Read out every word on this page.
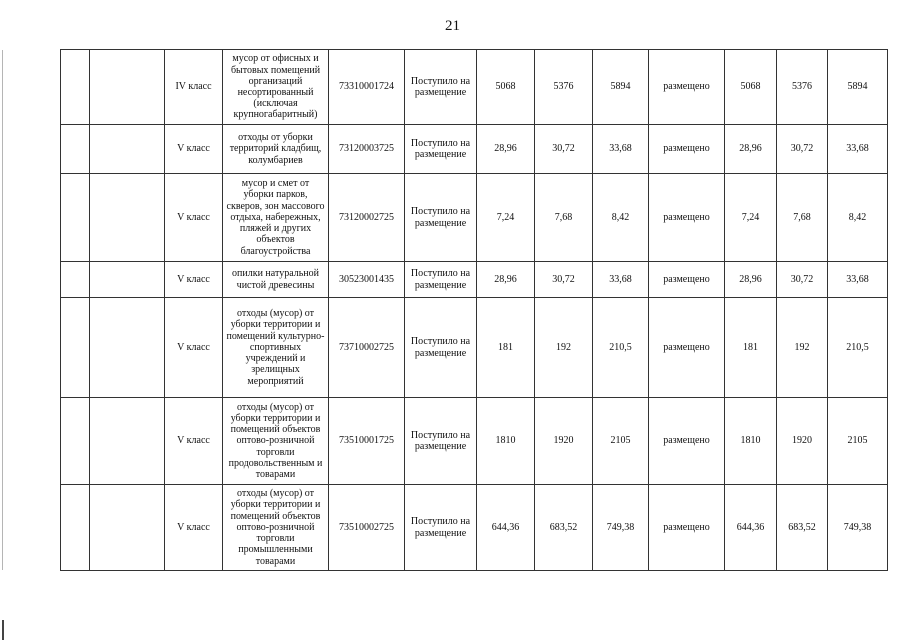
21
		IV класс	мусор от офисных и бытовых помещений организаций несортированный (исключая крупногабаритный)	73310001724	Поступило на размещение	5068	5376	5894	размещено	5068	5376	5894
		V класс	отходы от уборки территорий кладбищ, колумбариев	73120003725	Поступило на размещение	28,96	30,72	33,68	размещено	28,96	30,72	33,68
		V класс	мусор и смет от уборки парков, скверов, зон массового отдыха, набережных, пляжей и других объектов благоустройства	73120002725	Поступило на размещение	7,24	7,68	8,42	размещено	7,24	7,68	8,42
		V класс	опилки натуральной чистой древесины	30523001435	Поступило на размещение	28,96	30,72	33,68	размещено	28,96	30,72	33,68
		V класс	отходы (мусор) от уборки территории и помещений культурно-спортивных учреждений и зрелищных мероприятий	73710002725	Поступило на размещение	181	192	210,5	размещено	181	192	210,5
		V класс	отходы (мусор) от уборки территории и помещений объектов оптово-розничной торговли продовольственным и товарами	73510001725	Поступило на размещение	1810	1920	2105	размещено	1810	1920	2105
		V класс	отходы (мусор) от уборки территории и помещений объектов оптово-розничной торговли промышленными товарами	73510002725	Поступило на размещение	644,36	683,52	749,38	размещено	644,36	683,52	749,38
